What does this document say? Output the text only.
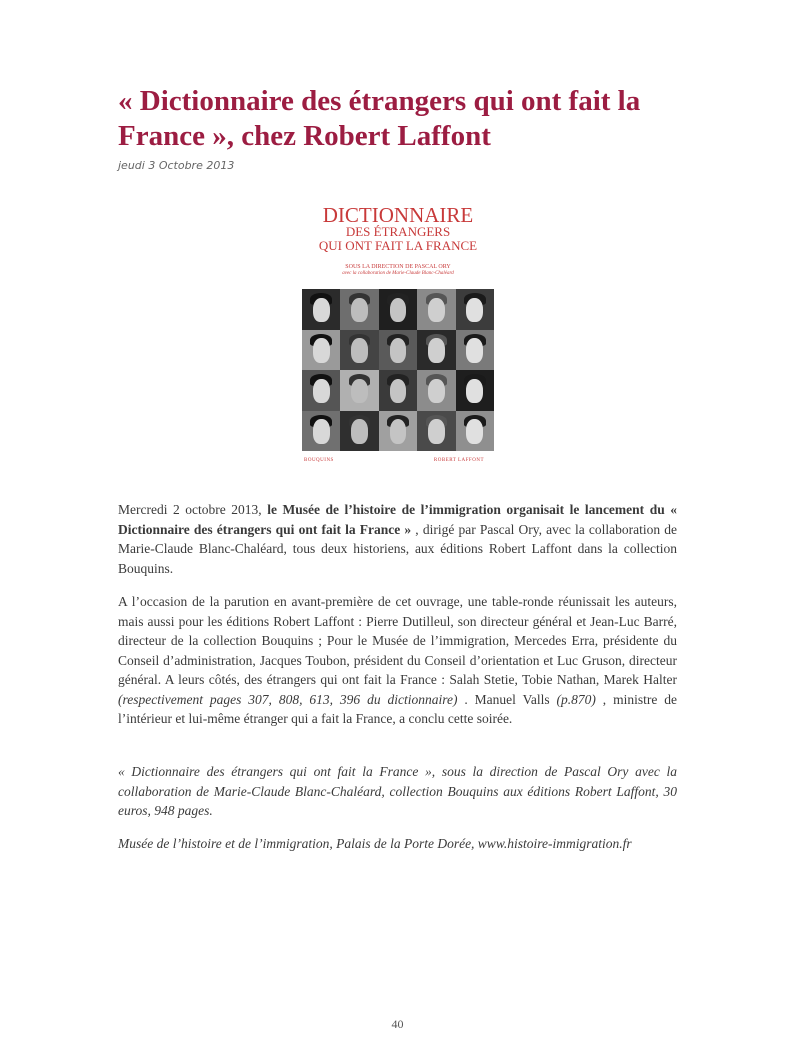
« Dictionnaire des étrangers qui ont fait la France », chez Robert Laffont
jeudi 3 Octobre 2013
DICTIONNAIRE
DES ÉTRANGERS
QUI ONT FAIT LA FRANCE
SOUS LA DIRECTION DE PASCAL ORY
avec la collaboration de Marie-Claude Blanc-Chaléard
BOUQUINS	ROBERT LAFFONT

Mercredi 2 octobre 2013, le Musée de l’histoire de l’immigration organisait le lancement du « Dictionnaire des étrangers qui ont fait la France » , dirigé par Pascal Ory, avec la collaboration de Marie-Claude Blanc-Chaléard, tous deux historiens, aux éditions Robert Laffont dans la collection Bouquins.

A l’occasion de la parution en avant-première de cet ouvrage, une table-ronde réunissait les auteurs, mais aussi pour les éditions Robert Laffont : Pierre Dutilleul, son directeur général et Jean-Luc Barré, directeur de la collection Bouquins ; Pour le Musée de l’immigration, Mercedes Erra, présidente du Conseil d’administration, Jacques Toubon, président du Conseil d’orientation et Luc Gruson, directeur général. A leurs côtés, des étrangers qui ont fait la France : Salah Stetie, Tobie Nathan, Marek Halter (respectivement pages 307, 808, 613, 396 du dictionnaire) . Manuel Valls (p.870) , ministre de l’intérieur et lui-même étranger qui a fait la France, a conclu cette soirée.

« Dictionnaire des étrangers qui ont fait la France », sous la direction de Pascal Ory avec la collaboration de Marie-Claude Blanc-Chaléard, collection Bouquins aux éditions Robert Laffont, 30 euros, 948 pages.

Musée de l’histoire et de l’immigration, Palais de la Porte Dorée, www.histoire-immigration.fr

40
